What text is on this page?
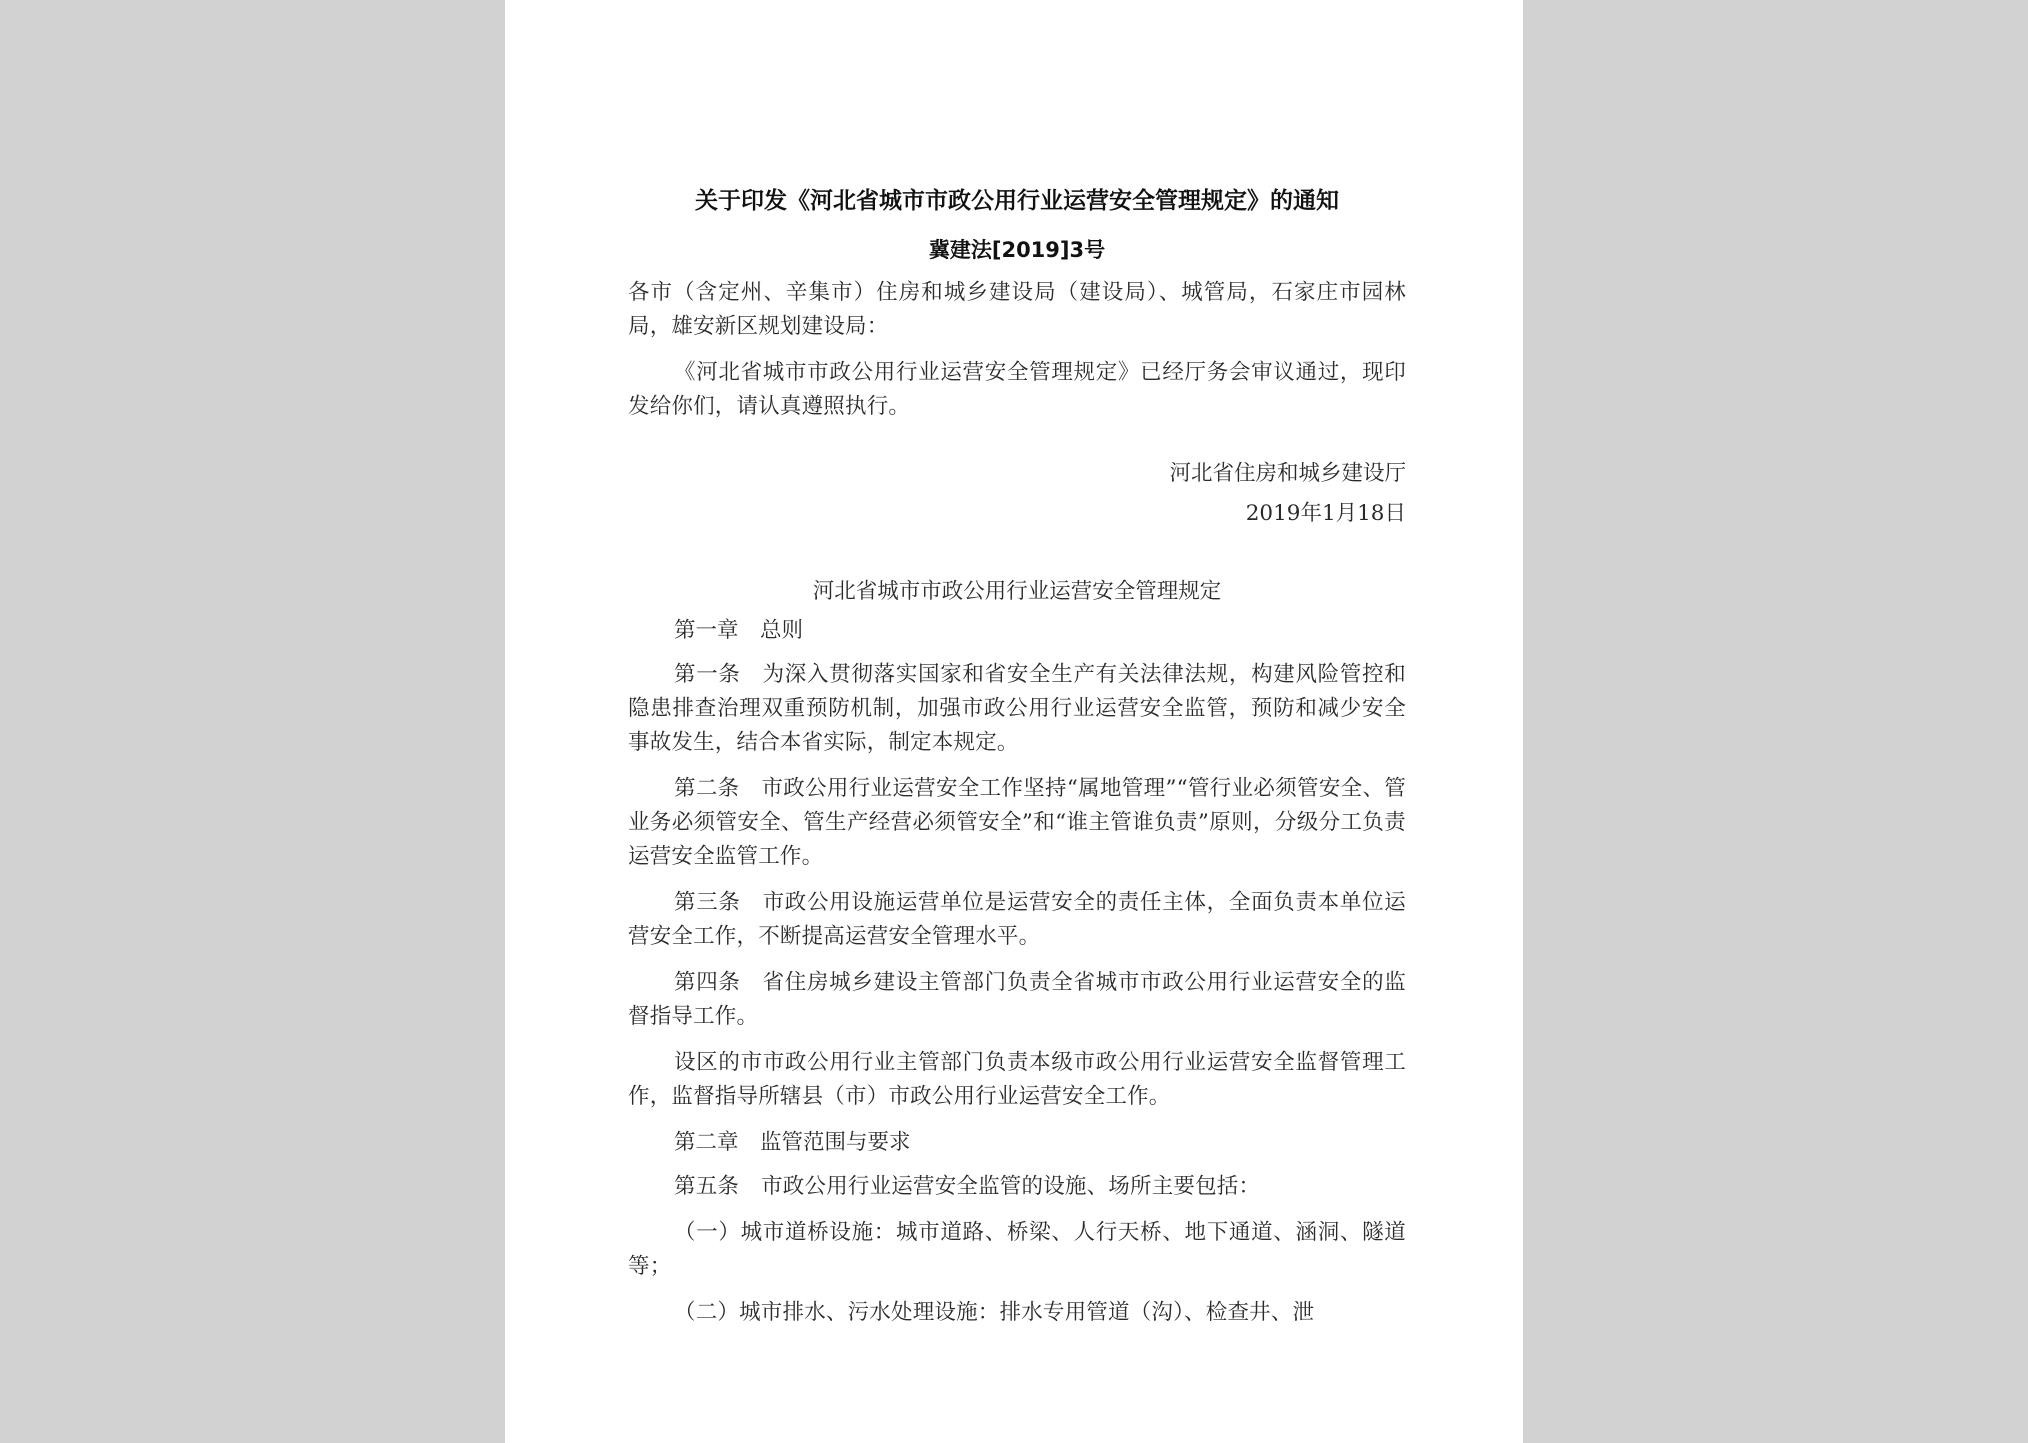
关于印发《河北省城市市政公用行业运营安全管理规定》的通知
冀建法[2019]3号

各市（含定州、辛集市）住房和城乡建设局（建设局）、城管局，石家庄市园林局，雄安新区规划建设局：

《河北省城市市政公用行业运营安全管理规定》已经厅务会审议通过，现印发给你们，请认真遵照执行。

河北省住房和城乡建设厅
2019年1月18日
河北省城市市政公用行业运营安全管理规定

第一章　总则

第一条 为深入贯彻落实国家和省安全生产有关法律法规，构建风险管控和隐患排查治理双重预防机制，加强市政公用行业运营安全监管，预防和减少安全事故发生，结合本省实际，制定本规定。

第二条 市政公用行业运营安全工作坚持“属地管理”“管行业必须管安全、管业务必须管安全、管生产经营必须管安全”和“谁主管谁负责”原则，分级分工负责运营安全监管工作。

第三条 市政公用设施运营单位是运营安全的责任主体，全面负责本单位运营安全工作，不断提高运营安全管理水平。

第四条 省住房城乡建设主管部门负责全省城市市政公用行业运营安全的监督指导工作。

设区的市市政公用行业主管部门负责本级市政公用行业运营安全监督管理工作，监督指导所辖县（市）市政公用行业运营安全工作。

第二章　监管范围与要求

第五条 市政公用行业运营安全监管的设施、场所主要包括：

（一）城市道桥设施：城市道路、桥梁、人行天桥、地下通道、涵洞、隧道等；

（二）城市排水、污水处理设施：排水专用管道（沟）、检查井、泄
